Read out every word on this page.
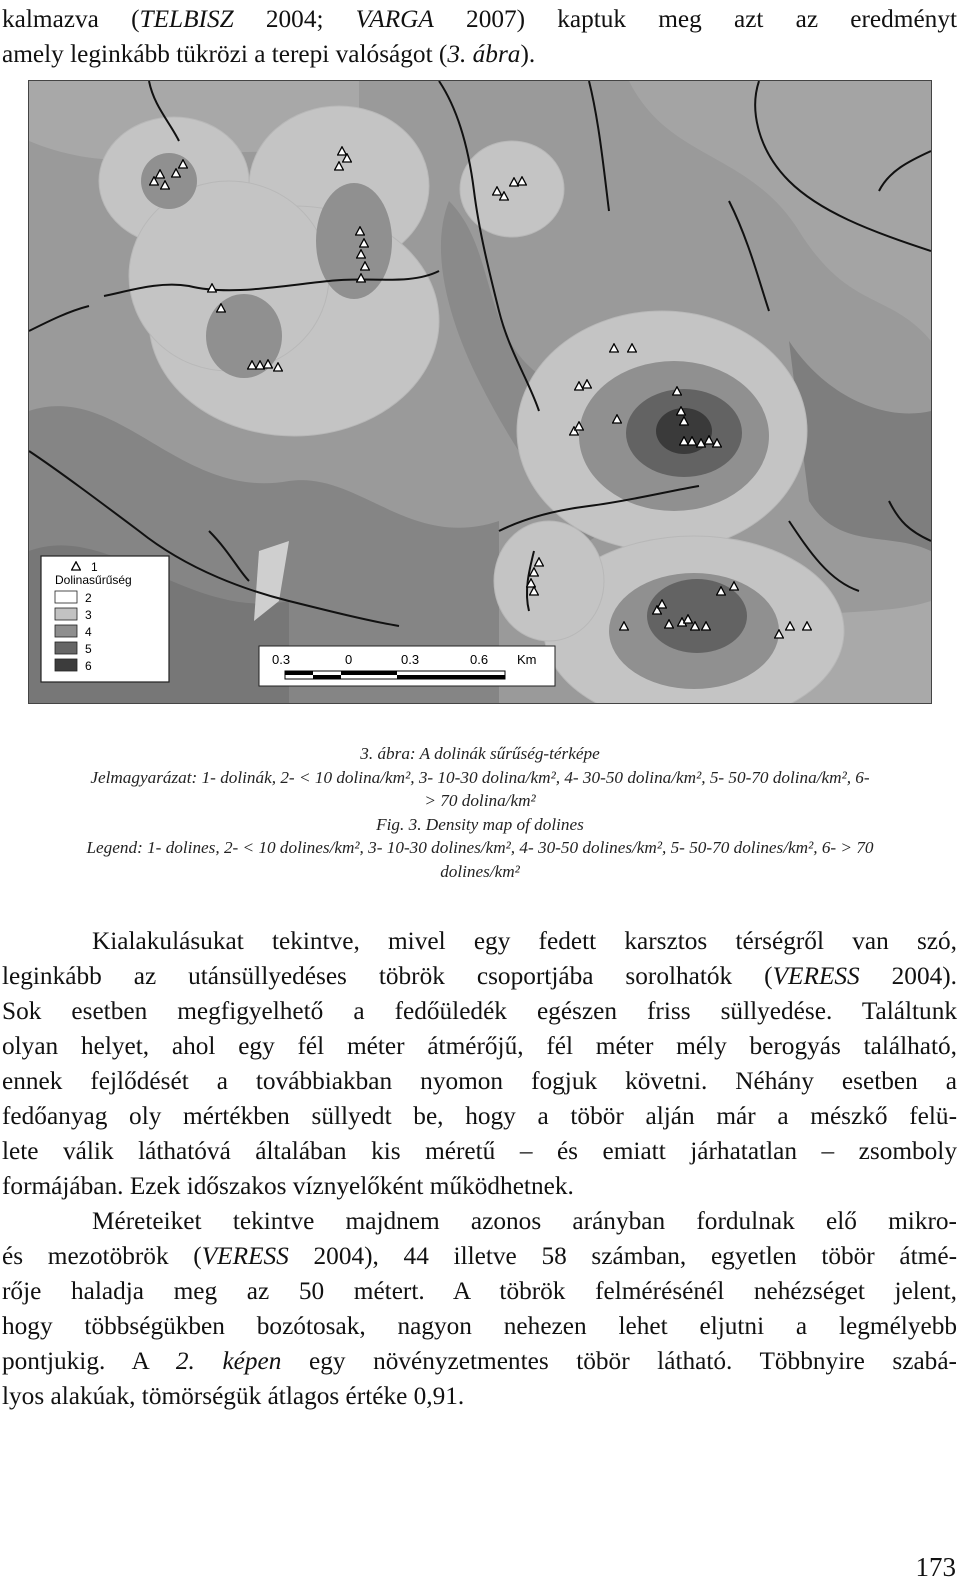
kalmazva (TELBISZ 2004; VARGA 2007) kaptuk meg azt az eredményt
amely leginkább tükrözi a terepi valóságot (3. ábra).
1
Dolinasűrűség
2
3
4
5
6	0.3	0	0.3	0.6 Km
3. ábra: A dolinák sűrűség-térképe
Jelmagyarázat: 1- dolinák, 2- < 10 dolina/km², 3- 10-30 dolina/km², 4- 30-50 dolina/km², 5- 50-70 dolina/km², 6-
> 70 dolina/km²
Fig. 3. Density map of dolines
Legend: 1- dolines, 2- < 10 dolines/km², 3- 10-30 dolines/km², 4- 30-50 dolines/km², 5- 50-70 dolines/km², 6- > 70
dolines/km²
Kialakulásukat tekintve, mivel egy fedett karsztos térségről van szó,
leginkább az utánsüllyedéses töbrök csoportjába sorolhatók (VERESS 2004).
Sok esetben megfigyelhető a fedőüledék egészen friss süllyedése. Találtunk
olyan helyet, ahol egy fél méter átmérőjű, fél méter mély berogyás található,
ennek fejlődését a továbbiakban nyomon fogjuk követni. Néhány esetben a
fedőanyag oly mértékben süllyedt be, hogy a töbör alján már a mészkő felü-
lete válik láthatóvá általában kis méretű – és emiatt járhatatlan – zsomboly
formájában. Ezek időszakos víznyelőként működhetnek.
Méreteiket tekintve majdnem azonos arányban fordulnak elő mikro-
és mezotöbrök (VERESS 2004), 44 illetve 58 számban, egyetlen töbör átmé-
rője haladja meg az 50 métert. A töbrök felmérésénél nehézséget jelent,
hogy többségükben bozótosak, nagyon nehezen lehet eljutni a legmélyebb
pontjukig. A 2. képen egy növényzetmentes töbör látható. Többnyire szabá-
lyos alakúak, tömörségük átlagos értéke 0,91.
173
